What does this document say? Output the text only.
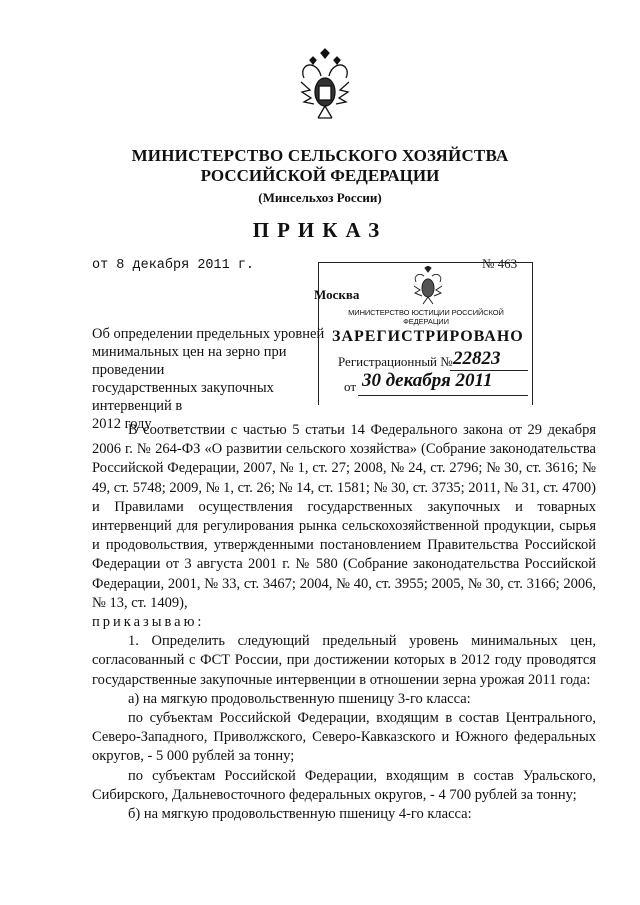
МИНИСТЕРСТВО СЕЛЬСКОГО ХОЗЯЙСТВА
РОССИЙСКОЙ ФЕДЕРАЦИИ
(Минсельхоз России)
ПРИКАЗ
от 8 декабря 2011 г.	№ 463
Москва
МИНИСТЕРСТВО ЮСТИЦИИ РОССИЙСКОЙ ФЕДЕРАЦИИ
ЗАРЕГИСТРИРОВАНО
Регистрационный № 22823
от 30 декабря 2011
Об определении предельных уровней
минимальных цен на зерно при проведении
государственных закупочных интервенций в
2012 году

В соответствии с частью 5 статьи 14 Федерального закона от 29 декабря 2006 г. № 264-ФЗ «О развитии сельского хозяйства» (Собрание законодательства Российской Федерации, 2007, № 1, ст. 27; 2008, № 24, ст. 2796; № 30, ст. 3616; № 49, ст. 5748; 2009, № 1, ст. 26; № 14, ст. 1581; № 30, ст. 3735; 2011, № 31, ст. 4700) и Правилами осуществления государственных закупочных и товарных интервенций для регулирования рынка сельскохозяйственной продукции, сырья и продовольствия, утвержденными постановлением Правительства Российской Федерации от 3 августа 2001 г. № 580 (Собрание законодательства Российской Федерации, 2001, № 33, ст. 3467; 2004, № 40, ст. 3955; 2005, № 30, ст. 3166; 2006, № 13, ст. 1409),

приказываю:

1. Определить следующий предельный уровень минимальных цен, согласованный с ФСТ России, при достижении которых в 2012 году проводятся государственные закупочные интервенции в отношении зерна урожая 2011 года:

а) на мягкую продовольственную пшеницу 3-го класса:

по субъектам Российской Федерации, входящим в состав Центрального, Северо-Западного, Приволжского, Северо-Кавказского и Южного федеральных округов, - 5 000 рублей за тонну;

по субъектам Российской Федерации, входящим в состав Уральского, Сибирского, Дальневосточного федеральных округов, - 4 700 рублей за тонну;

б) на мягкую продовольственную пшеницу 4-го класса:
